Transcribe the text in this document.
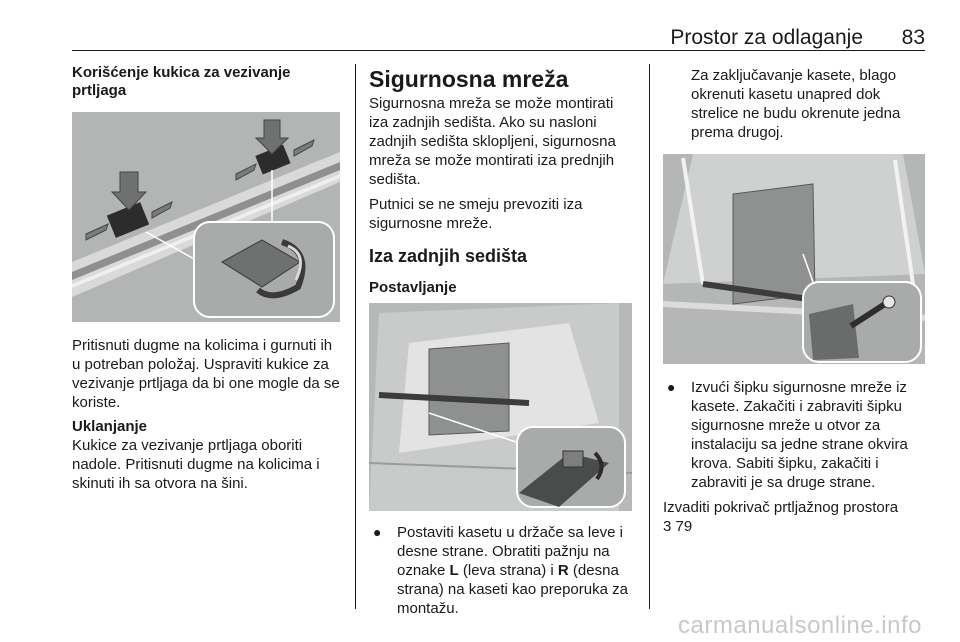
Prostor za odlaganje 83

Korišćenje kukica za vezivanje prtljaga

Pritisnuti dugme na kolicima i gurnuti ih u potreban položaj. Uspraviti kukice za vezivanje prtljaga da bi one mogle da se koriste.

Uklanjanje

Kukice za vezivanje prtljaga oboriti nadole. Pritisnuti dugme na kolicima i skinuti ih sa otvora na šini.

Sigurnosna mreža

Sigurnosna mreža se može montirati iza zadnjih sedišta. Ako su nasloni zadnjih sedišta sklopljeni, sigurnosna mreža se može montirati iza prednjih sedišta.

Putnici se ne smeju prevoziti iza sigurnosne mreže.

Iza zadnjih sedišta

Postavljanje

●	Postaviti kasetu u držače sa leve i desne strane. Obratiti pažnju na oznake L (leva strana) i R (desna strana) na kaseti kao preporuka za montažu.

Za zaključavanje kasete, blago okrenuti kasetu unapred dok strelice ne budu okrenute jedna prema drugoj.

●	Izvući šipku sigurnosne mreže iz kasete. Zakačiti i zabraviti šipku sigurnosne mreže u otvor za instalaciju sa jedne strane okvira krova. Sabiti šipku, zakačiti i zabraviti je sa druge strane.

Izvaditi pokrivač prtljažnog prostora

3 79

carmanualsonline.info
